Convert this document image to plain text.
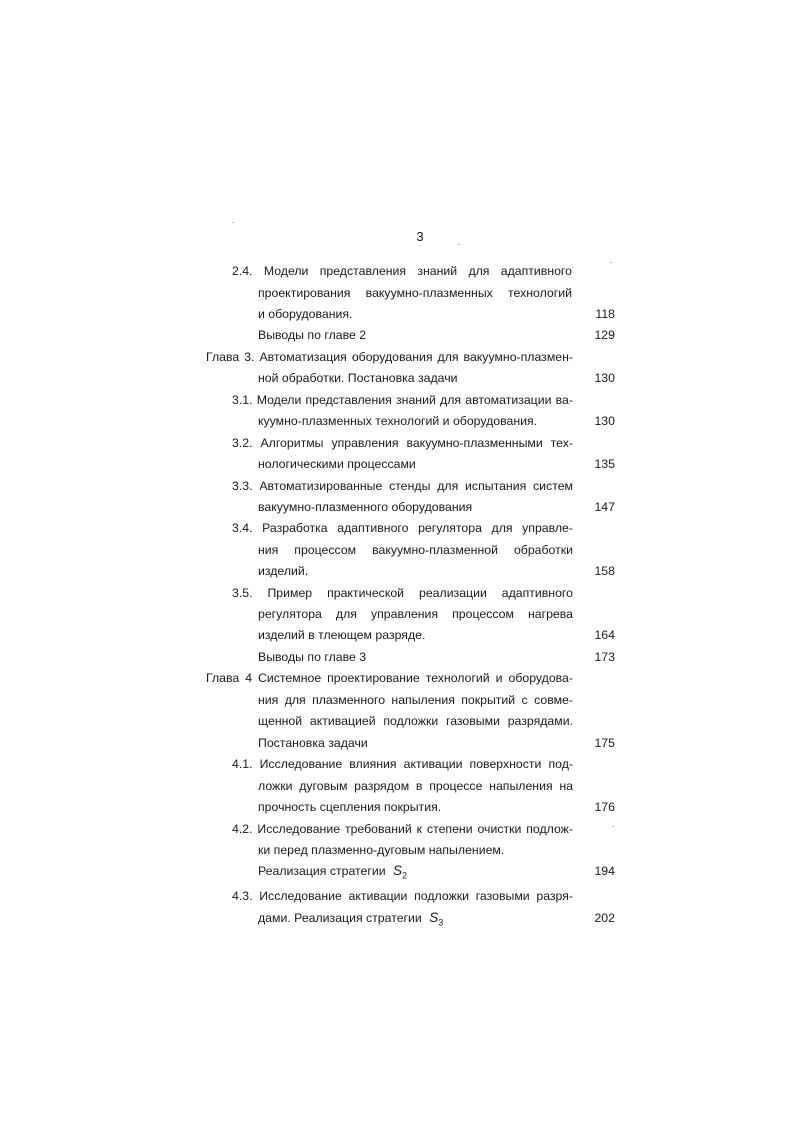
3
2.4. Модели представления знаний для адаптивного
проектирования вакуумно-плазменных технологий
и оборудования.	118
Выводы по главе 2	129
Глава 3. Автоматизация оборудования для вакуумно-плазмен-
ной обработки. Постановка задачи	130
3.1. Модели представления знаний для автоматизации ва-
куумно-плазменных технологий и оборудования.	130
3.2. Алгоритмы управления вакуумно-плазменными тех-
нологическими процессами	135
3.3. Автоматизированные стенды для испытания систем
вакуумно-плазменного оборудования	147
3.4. Разработка адаптивного регулятора для управле-
ния процессом вакуумно-плазменной обработки
изделий.	158
3.5. Пример практической реализации адаптивного
регулятора для управления процессом нагрева
изделий в тлеющем разряде.	164
Выводы по главе 3	173
Глава 4 Системное проектирование технологий и оборудова-
ния для плазменного напыления покрытий с совме-
щенной активацией подложки газовыми разрядами.
Постановка задачи	175
4.1. Исследование влияния активации поверхности под-
ложки дуговым разрядом в процессе напыления на
прочность сцепления покрытия.	176
4.2. Исследование требований к степени очистки подлож-
ки перед плазменно-дуговым напылением.
Реализация стратегии $S_2$	194
4.3. Исследование активации подложки газовыми разря-
дами. Реализация стратегии $S_3$	202
